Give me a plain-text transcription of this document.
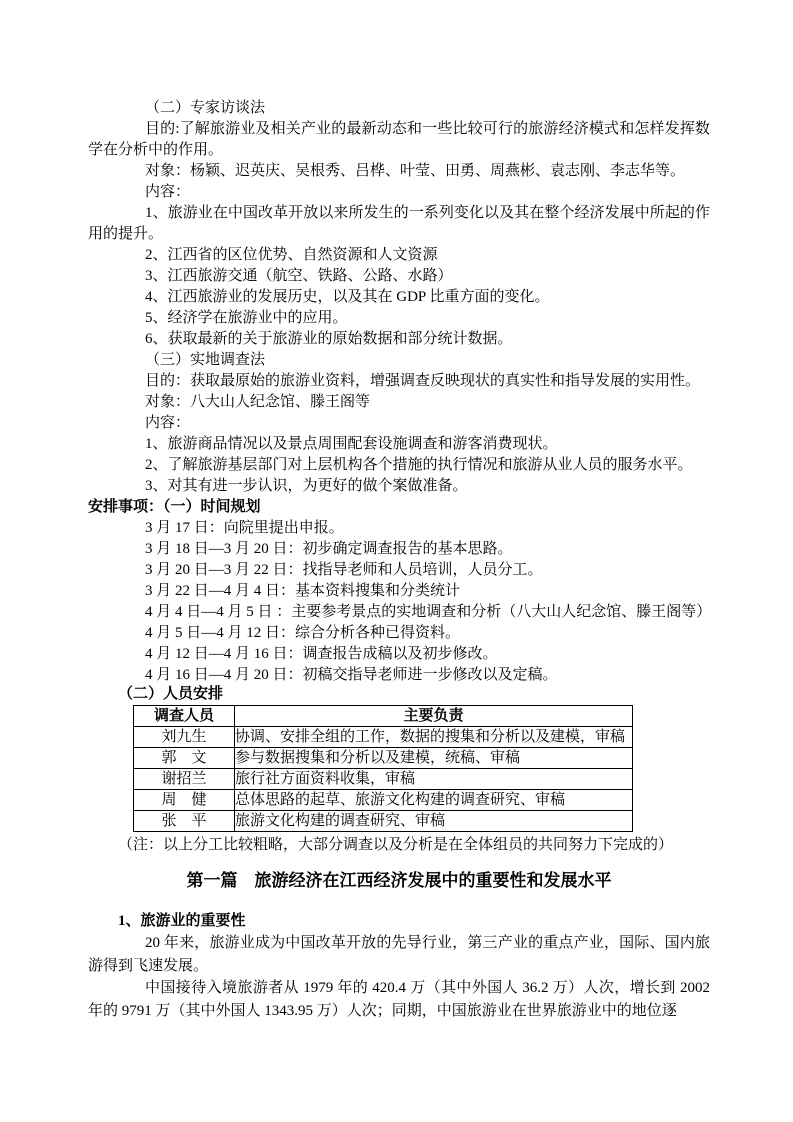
（二）专家访谈法

目的:了解旅游业及相关产业的最新动态和一些比较可行的旅游经济模式和怎样发挥数学在分析中的作用。

对象：杨颖、迟英庆、吴根秀、吕桦、叶莹、田勇、周燕彬、袁志刚、李志华等。

内容：

1、旅游业在中国改革开放以来所发生的一系列变化以及其在整个经济发展中所起的作用的提升。

2、江西省的区位优势、自然资源和人文资源

3、江西旅游交通（航空、铁路、公路、水路）

4、江西旅游业的发展历史，以及其在 GDP 比重方面的变化。

5、经济学在旅游业中的应用。

6、获取最新的关于旅游业的原始数据和部分统计数据。

（三）实地调查法

目的：获取最原始的旅游业资料，增强调查反映现状的真实性和指导发展的实用性。

对象：八大山人纪念馆、滕王阁等

内容：

1、旅游商品情况以及景点周围配套设施调查和游客消费现状。

2、了解旅游基层部门对上层机构各个措施的执行情况和旅游从业人员的服务水平。

3、对其有进一步认识，为更好的做个案做准备。

安排事项：（一）时间规划

3 月 17 日：向院里提出申报。

3 月 18 日—3 月 20 日：初步确定调查报告的基本思路。

3 月 20 日—3 月 22 日：找指导老师和人员培训，人员分工。

3 月 22 日—4 月 4 日：基本资料搜集和分类统计

4 月 4 日—4 月 5 日 ：主要参考景点的实地调查和分析（八大山人纪念馆、滕王阁等）

4 月 5 日—4 月 12 日：综合分析各种已得资料。

4 月 12 日—4 月 16 日：调查报告成稿以及初步修改。

4 月 16 日—4 月 20 日：初稿交指导老师进一步修改以及定稿。

（二）人员安排

调查人员	主要负责
刘九生	协调、安排全组的工作，数据的搜集和分析以及建模，审稿
郭　文	参与数据搜集和分析以及建模，统稿、审稿
谢招兰	旅行社方面资料收集，审稿
周　健	总体思路的起草、旅游文化构建的调查研究、审稿
张　平	旅游文化构建的调查研究、审稿

（注：以上分工比较粗略，大部分调查以及分析是在全体组员的共同努力下完成的）

第一篇　旅游经济在江西经济发展中的重要性和发展水平

1、旅游业的重要性

20 年来，旅游业成为中国改革开放的先导行业，第三产业的重点产业，国际、国内旅游得到飞速发展。

中国接待入境旅游者从 1979 年的 420.4 万（其中外国人 36.2 万）人次，增长到 2002 年的 9791 万（其中外国人 1343.95 万）人次；同期，中国旅游业在世界旅游业中的地位逐
